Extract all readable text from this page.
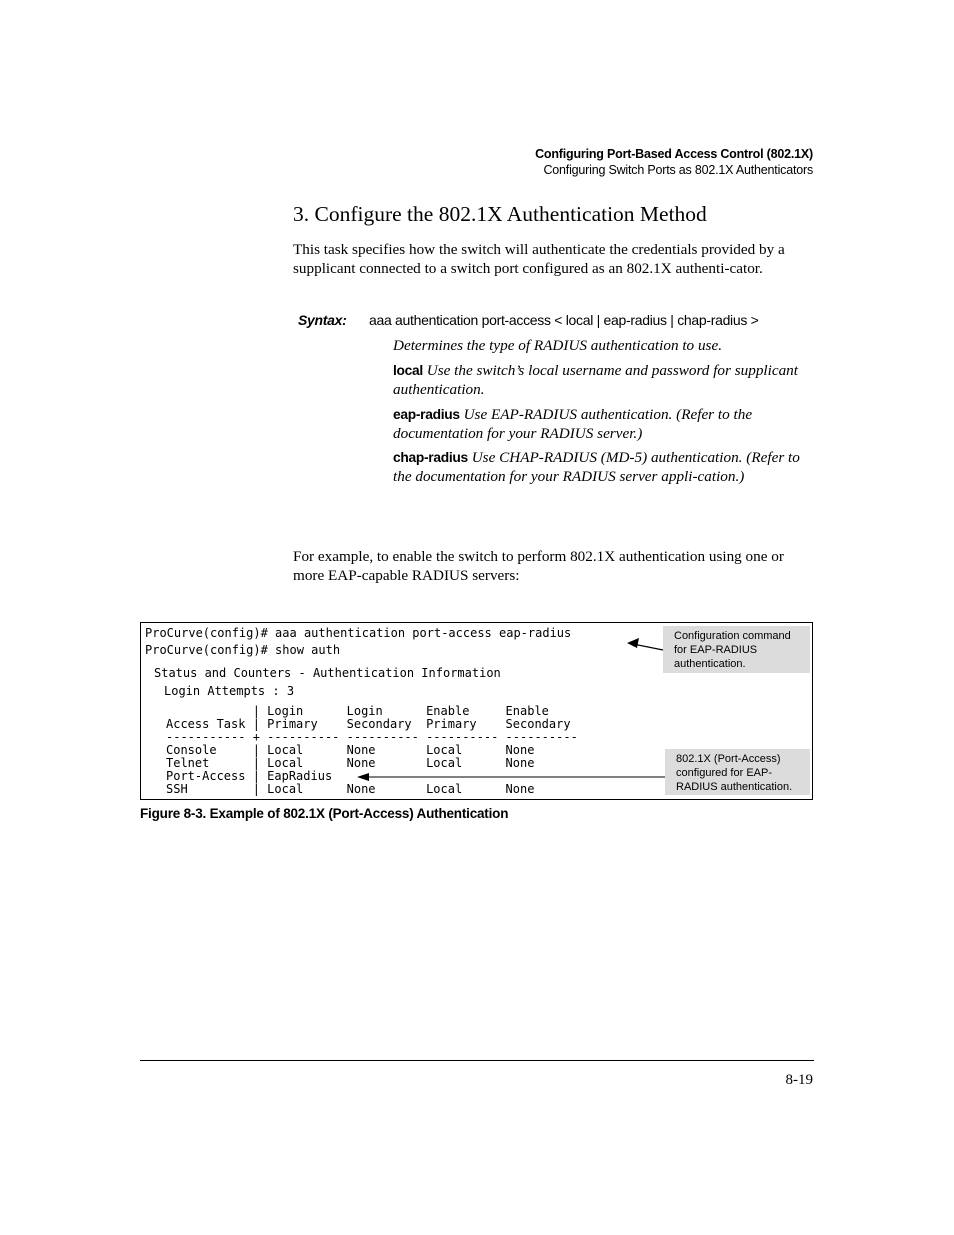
Configuring Port-Based Access Control (802.1X)
Configuring Switch Ports as 802.1X Authenticators
3. Configure the 802.1X Authentication Method
This task specifies how the switch will authenticate the credentials provided by a supplicant connected to a switch port configured as an 802.1X authenti-cator.
Syntax: aaa authentication port-access < local | eap-radius | chap-radius >
Determines the type of RADIUS authentication to use.
local Use the switch’s local username and password for supplicant authentication.
eap-radius Use EAP-RADIUS authentication. (Refer to the documentation for your RADIUS server.)
chap-radius Use CHAP-RADIUS (MD-5) authentication. (Refer to the documentation for your RADIUS server appli-cation.)
For example, to enable the switch to perform 802.1X authentication using one or more EAP-capable RADIUS servers:
ProCurve(config)# aaa authentication port-access eap-radius
ProCurve(config)# show auth
Status and Counters - Authentication Information
Login Attempts : 3
| Login      Login      Enable     Enable
Access Task | Primary    Secondary  Primary    Secondary
----------- + ---------- ---------- ---------- ----------
Console     | Local      None       Local      None
Telnet      | Local      None       Local      None
Port-Access | EapRadius
SSH         | Local      None       Local      None
Configuration command for EAP-RADIUS authentication.
802.1X (Port-Access) configured for EAP-RADIUS authentication.
Figure 8-3. Example of 802.1X (Port-Access) Authentication
8-19
